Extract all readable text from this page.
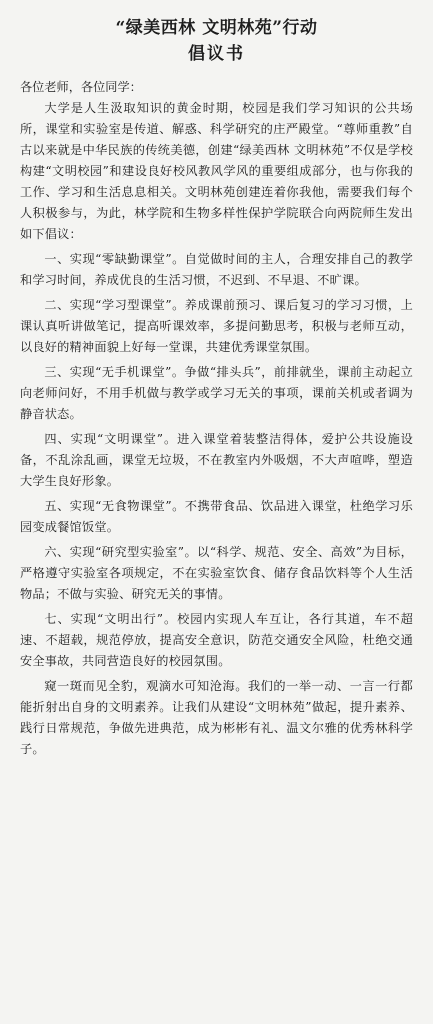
“绿美西林 文明林苑”行动
倡议书

各位老师，各位同学：

大学是人生汲取知识的黄金时期，校园是我们学习知识的公共场所，课堂和实验室是传道、解惑、科学研究的庄严殿堂。“尊师重教”自古以来就是中华民族的传统美德，创建“绿美西林 文明林苑”不仅是学校构建“文明校园”和建设良好校风教风学风的重要组成部分，也与你我的工作、学习和生活息息相关。文明林苑创建连着你我他，需要我们每个人积极参与，为此，林学院和生物多样性保护学院联合向两院师生发出如下倡议：

一、实现“零缺勤课堂”。自觉做时间的主人，合理安排自己的教学和学习时间，养成优良的生活习惯，不迟到、不早退、不旷课。

二、实现“学习型课堂”。养成课前预习、课后复习的学习习惯，上课认真听讲做笔记，提高听课效率，多提问勤思考，积极与老师互动，以良好的精神面貌上好每一堂课，共建优秀课堂氛围。

三、实现“无手机课堂”。争做“排头兵”，前排就坐，课前主动起立向老师问好，不用手机做与教学或学习无关的事项，课前关机或者调为静音状态。

四、实现“文明课堂”。进入课堂着装整洁得体，爱护公共设施设备，不乱涂乱画，课堂无垃圾，不在教室内外吸烟，不大声喧哗，塑造大学生良好形象。

五、实现“无食物课堂”。不携带食品、饮品进入课堂，杜绝学习乐园变成餐馆饭堂。

六、实现“研究型实验室”。以“科学、规范、安全、高效”为目标，严格遵守实验室各项规定，不在实验室饮食、储存食品饮料等个人生活物品；不做与实验、研究无关的事情。

七、实现“文明出行”。校园内实现人车互让，各行其道，车不超速、不超载，规范停放，提高安全意识，防范交通安全风险，杜绝交通安全事故，共同营造良好的校园氛围。

窥一斑而见全豹，观滴水可知沧海。我们的一举一动、一言一行都能折射出自身的文明素养。让我们从建设“文明林苑”做起，提升素养、践行日常规范，争做先进典范，成为彬彬有礼、温文尔雅的优秀林科学子。
